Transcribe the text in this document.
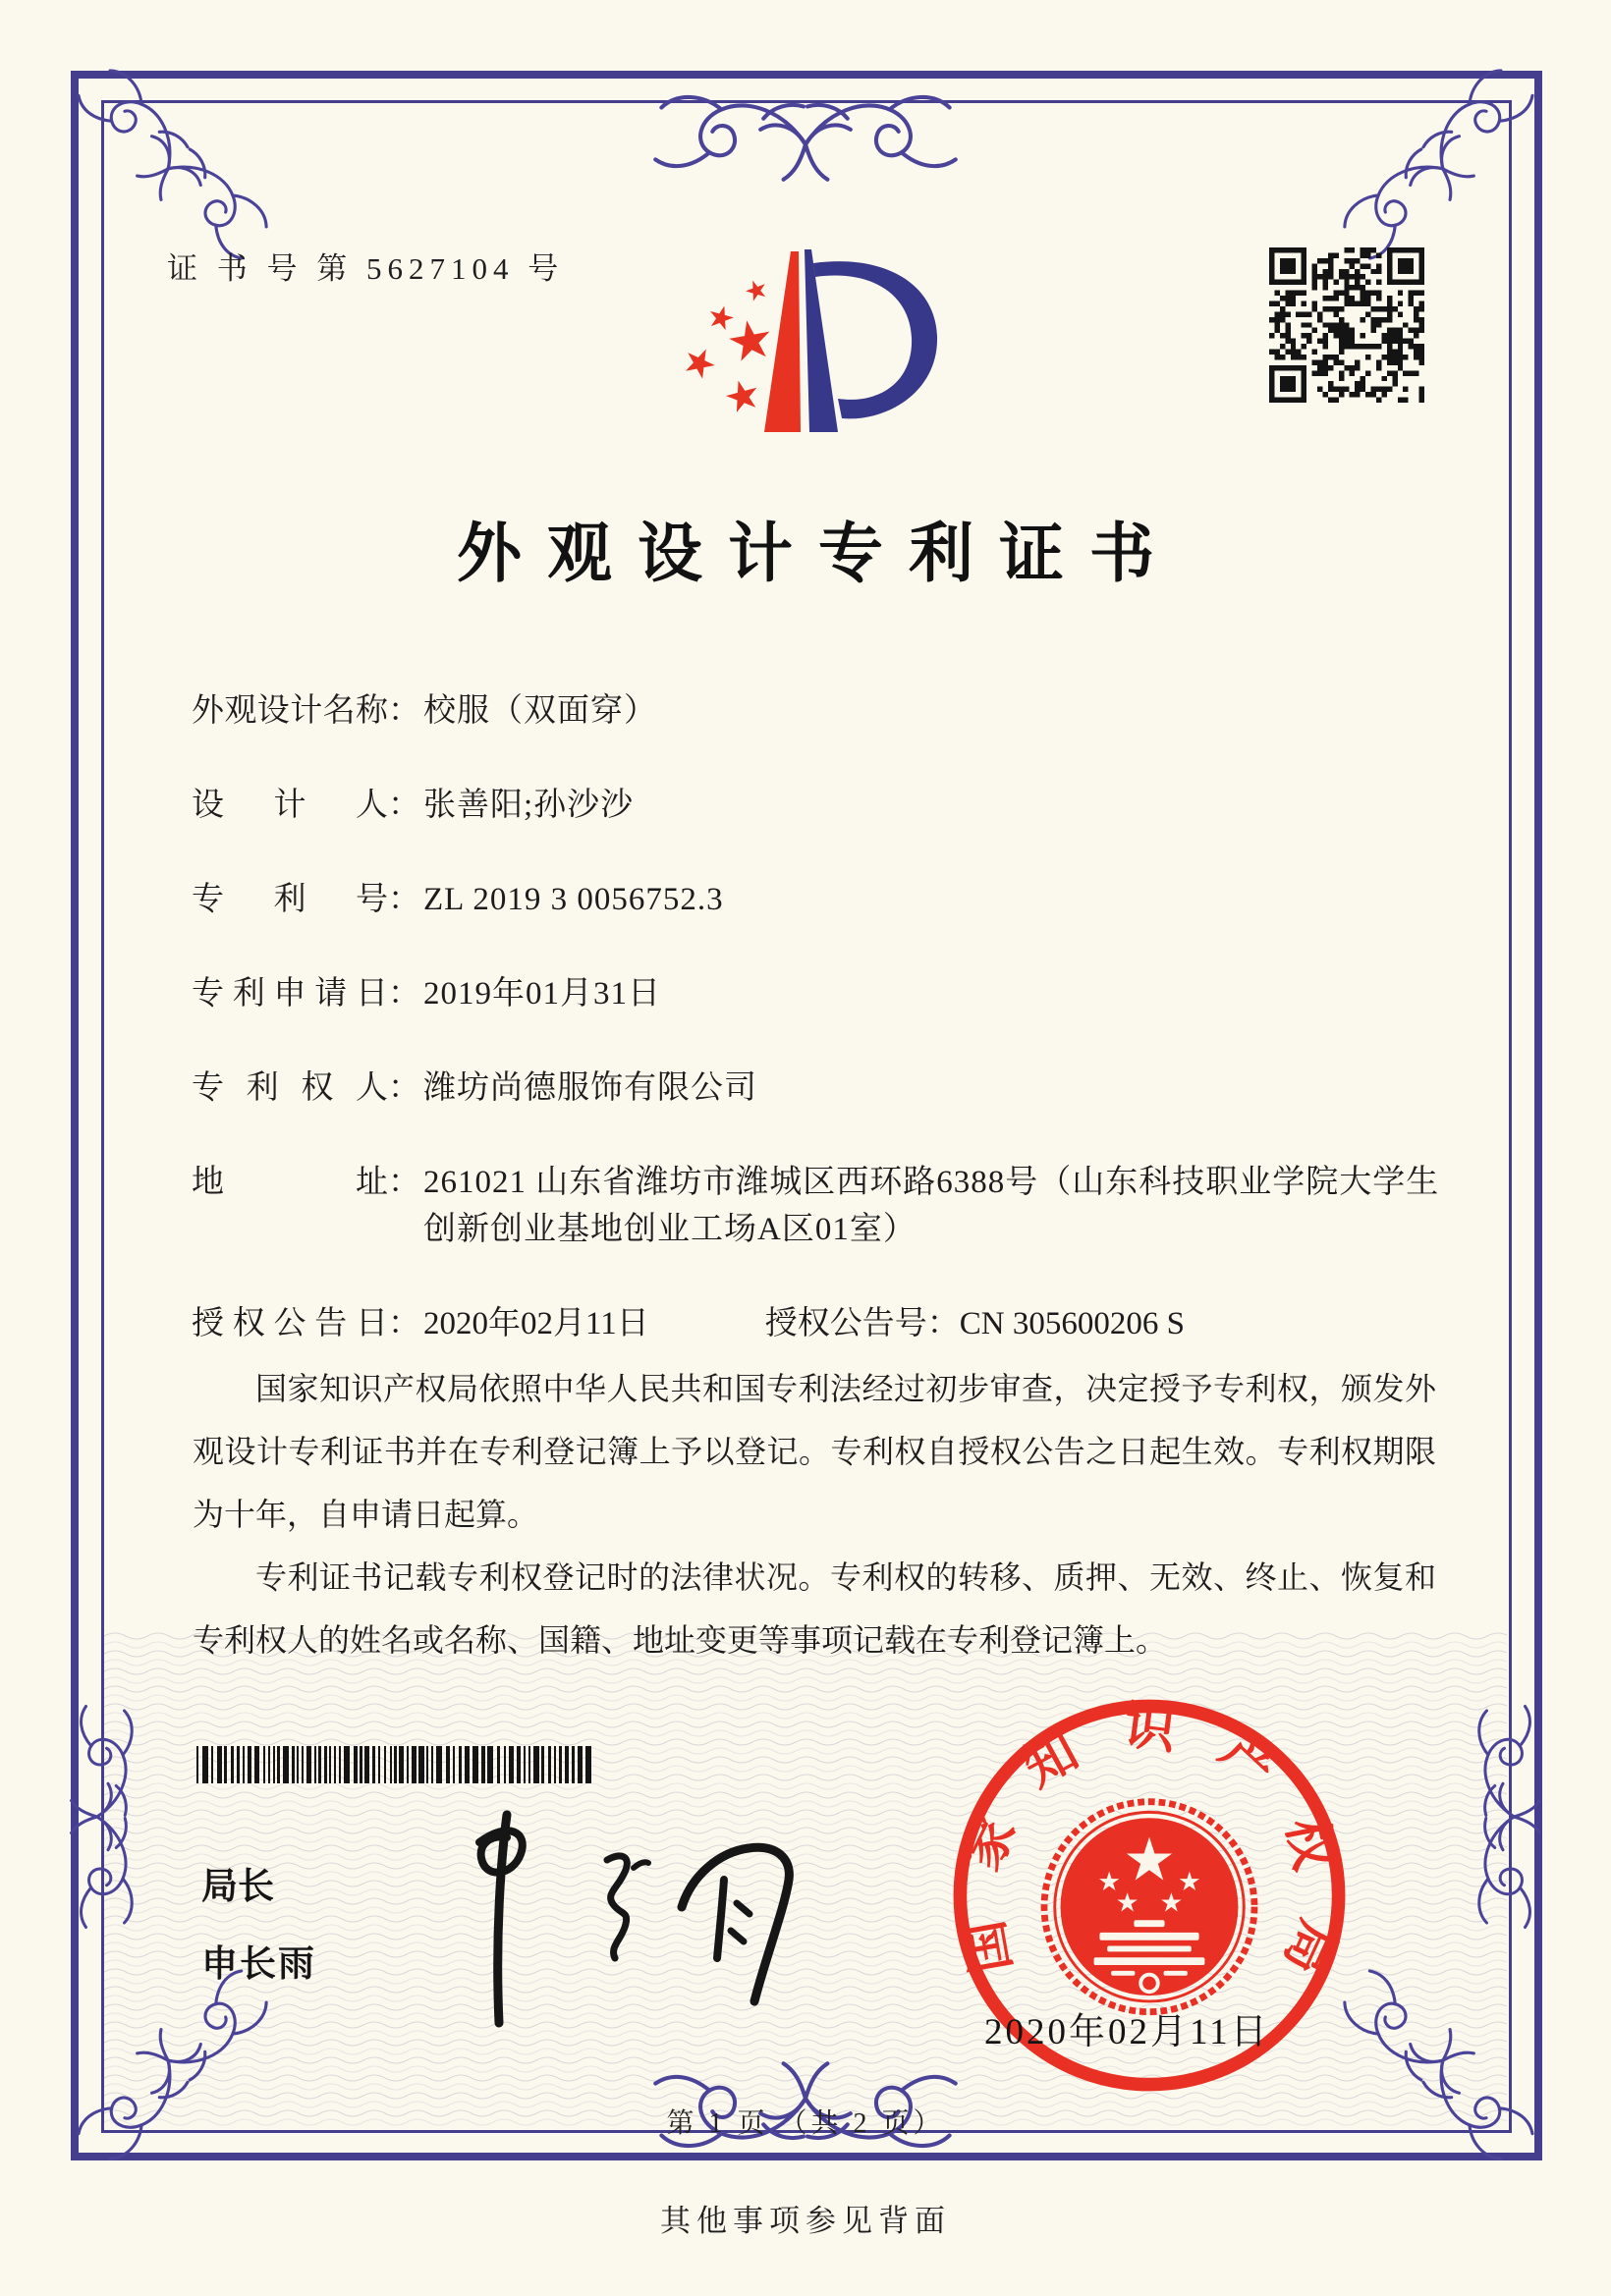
证 书 号 第 5627104 号
外观设计专利证书
外观设计名称 ： 校服（双面穿）
设计人 ： 张善阳;孙沙沙
专利号 ： ZL 2019 3 0056752.3
专利申请日 ： 2019年01月31日
专利权人 ： 潍坊尚德服饰有限公司
地址 ： 261021 山东省潍坊市潍城区西环路6388号（山东科技职业学院大学生创新创业基地创业工场A区01室）
授权公告日 ： 2020年02月11日	授权公告号：CN 305600206 S

国家知识产权局依照中华人民共和国专利法经过初步审查，决定授予专利权，颁发外观设计专利证书并在专利登记簿上予以登记。专利权自授权公告之日起生效。专利权期限为十年，自申请日起算。

专利证书记载专利权登记时的法律状况。专利权的转移、质押、无效、终止、恢复和专利权人的姓名或名称、国籍、地址变更等事项记载在专利登记簿上。

局长
申长雨	国家知识产权局
2020年02月11日
第 1 页 （共 2 页）
其他事项参见背面
